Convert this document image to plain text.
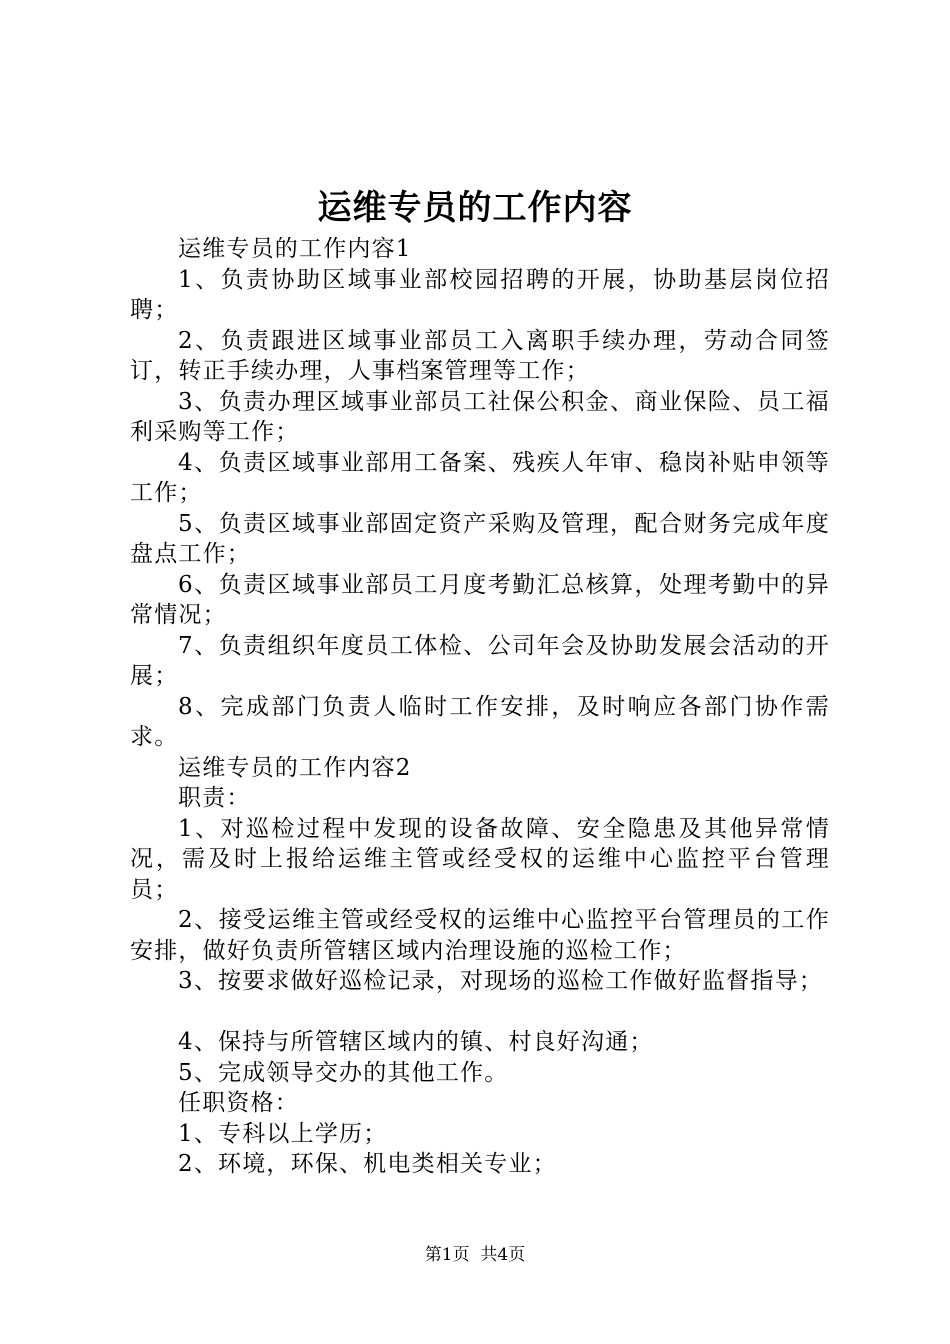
运维专员的工作内容

运维专员的工作内容1

1、负责协助区域事业部校园招聘的开展，协助基层岗位招聘；

2、负责跟进区域事业部员工入离职手续办理，劳动合同签订，转正手续办理，人事档案管理等工作；

3、负责办理区域事业部员工社保公积金、商业保险、员工福利采购等工作；

4、负责区域事业部用工备案、残疾人年审、稳岗补贴申领等工作；

5、负责区域事业部固定资产采购及管理，配合财务完成年度盘点工作；

6、负责区域事业部员工月度考勤汇总核算，处理考勤中的异常情况；

7、负责组织年度员工体检、公司年会及协助发展会活动的开展；

8、完成部门负责人临时工作安排，及时响应各部门协作需求。

运维专员的工作内容2

职责：

1、对巡检过程中发现的设备故障、安全隐患及其他异常情况，需及时上报给运维主管或经受权的运维中心监控平台管理员；

2、接受运维主管或经受权的运维中心监控平台管理员的工作安排，做好负责所管辖区域内治理设施的巡检工作；

3、按要求做好巡检记录，对现场的巡检工作做好监督指导；

4、保持与所管辖区域内的镇、村良好沟通；

5、完成领导交办的其他工作。

任职资格：

1、专科以上学历；

2、环境，环保、机电类相关专业；

第1页  共4页
